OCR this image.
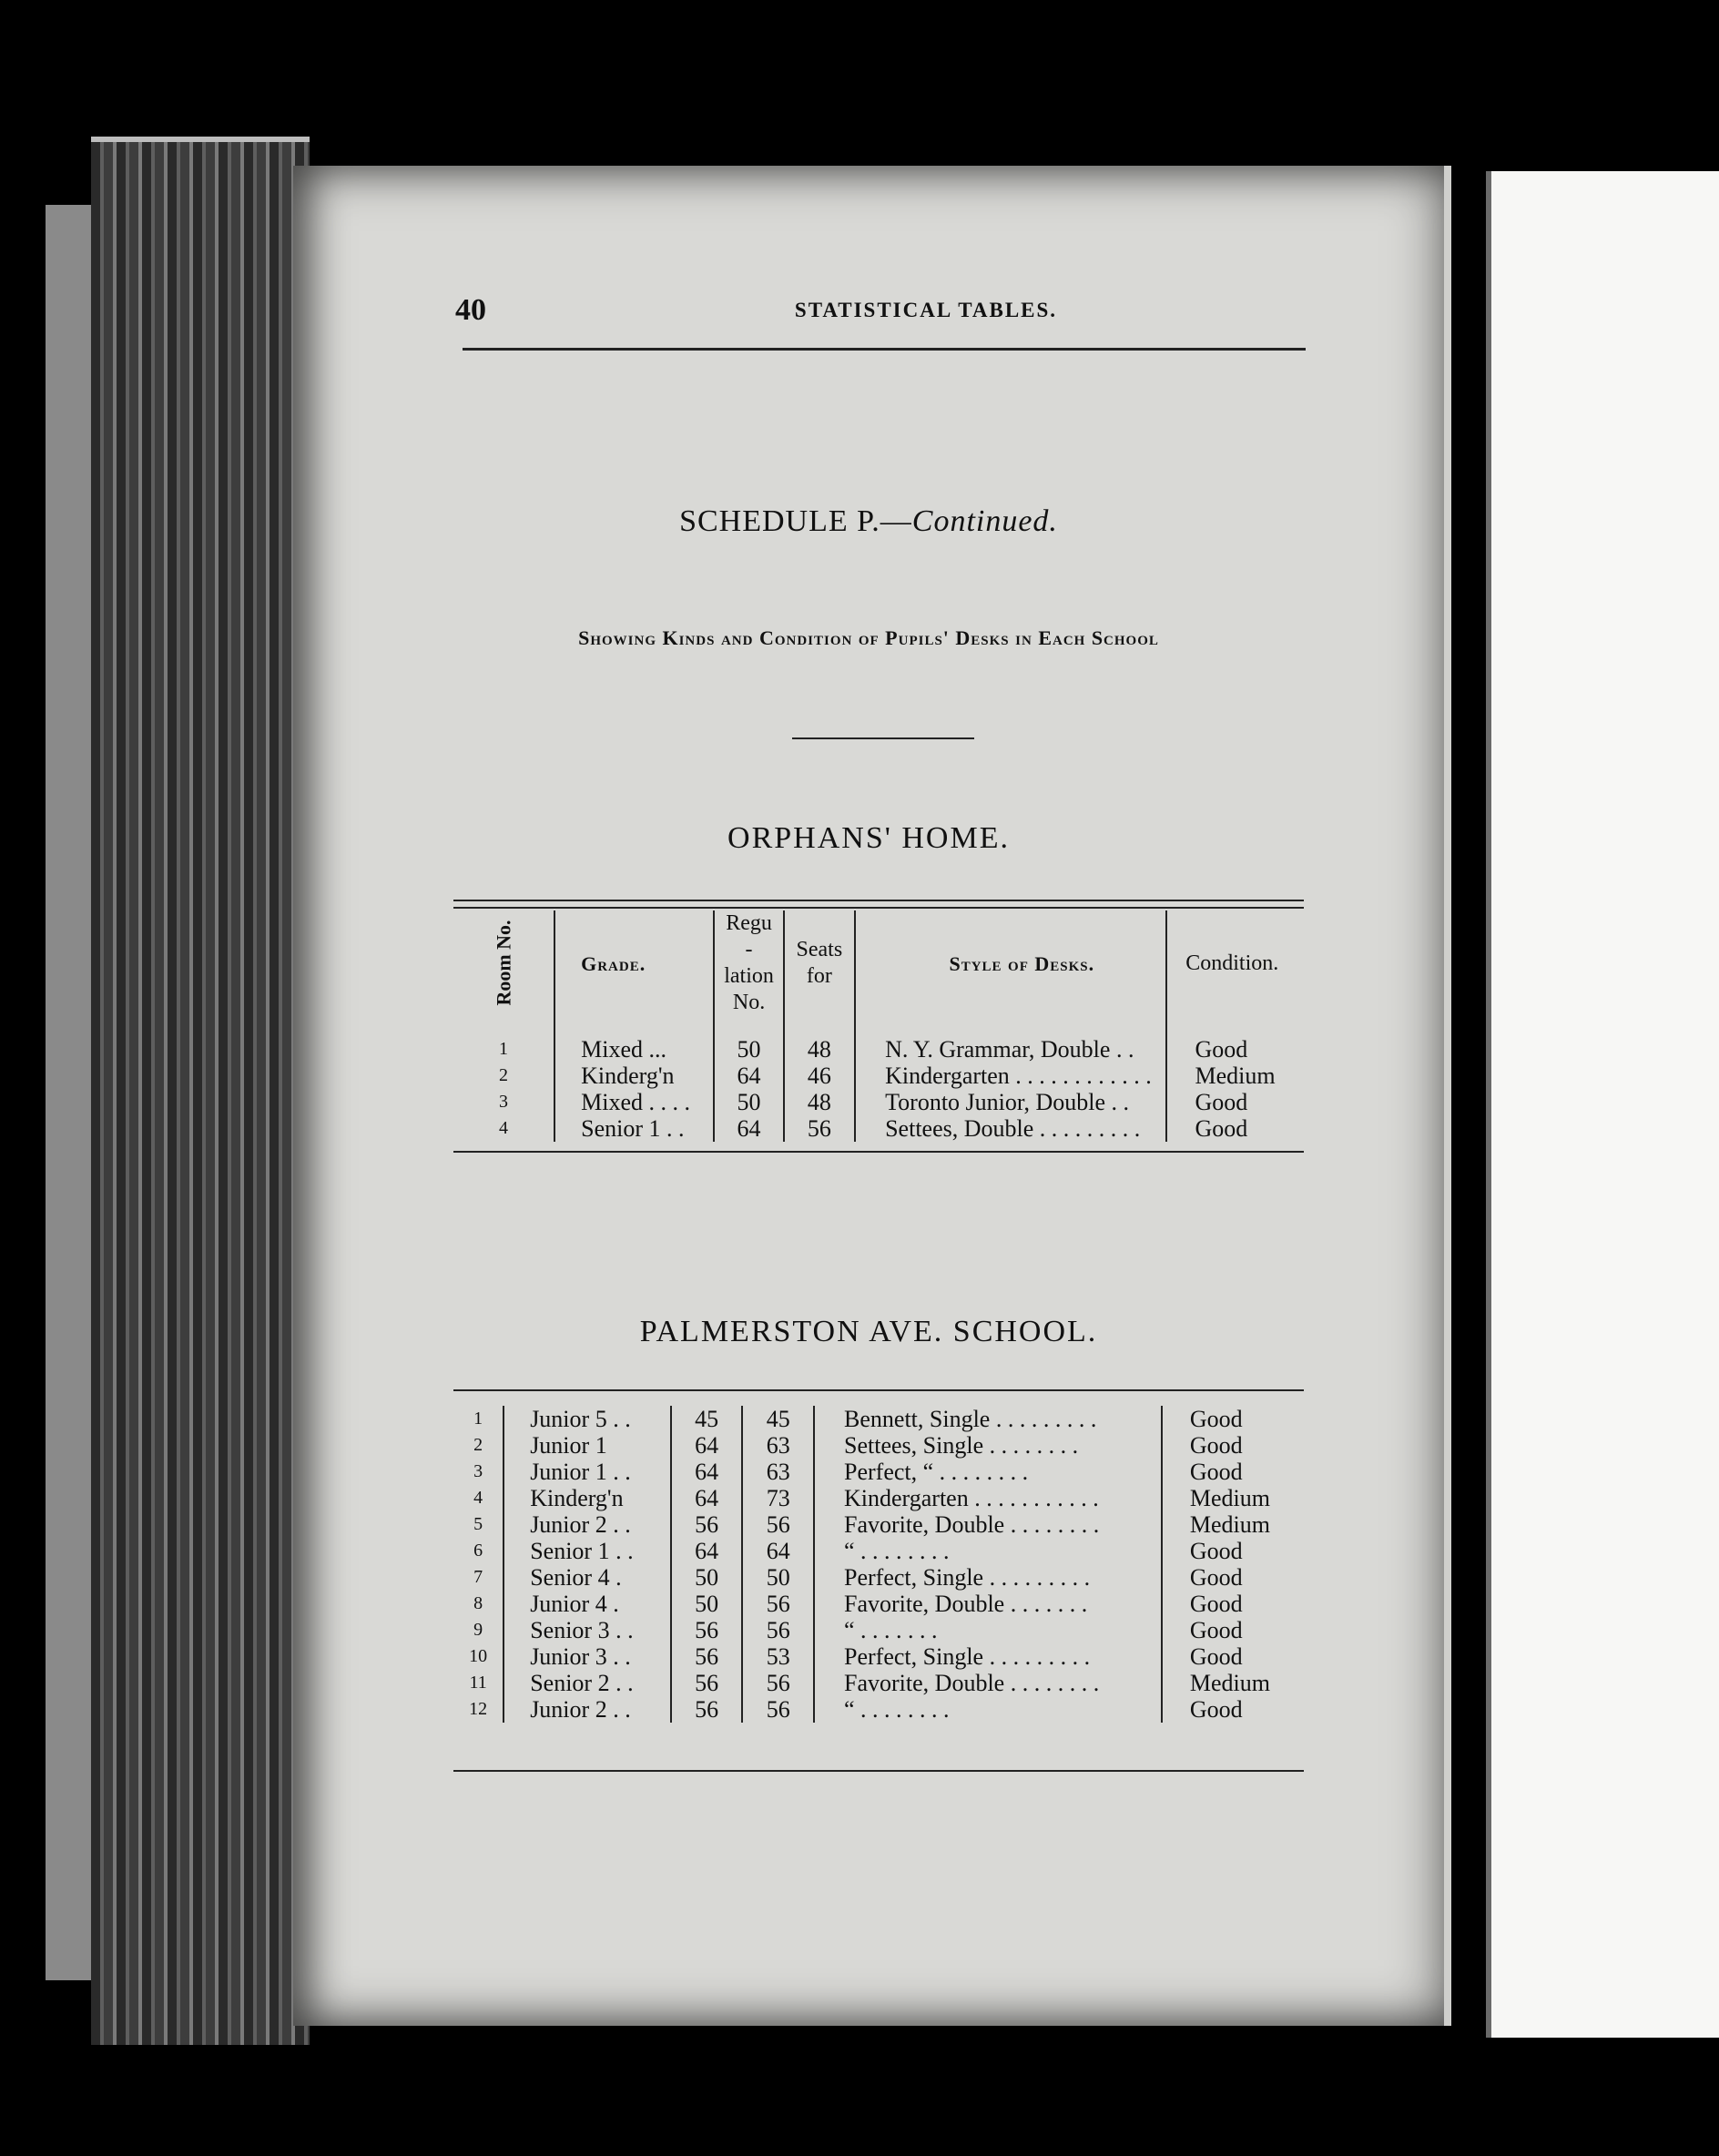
40	STATISTICAL TABLES.
SCHEDULE P.—Continued.
Showing Kinds and Condition of Pupils' Desks in Each School
ORPHANS' HOME.
Room No.	Grade.	Regu-lation No.	Seats for	Style of Desks.	Condition.

1	Mixed ...	50	48	N. Y. Grammar, Double . .	Good
2	Kinderg'n	64	46	Kindergarten . . . . . . . . . . . .	Medium
3	Mixed . . . .	50	48	Toronto Junior, Double . .	Good
4	Senior 1 . .	64	56	Settees, Double . . . . . . . . .	Good
PALMERSTON AVE. SCHOOL.
1	Junior 5 . .	45	45	Bennett, Single . . . . . . . . .	Good
2	Junior 1	64	63	Settees, Single . . . . . . . .	Good
3	Junior 1 . .	64	63	Perfect, “ . . . . . . . .	Good
4	Kinderg'n	64	73	Kindergarten . . . . . . . . . . .	Medium
5	Junior 2 . .	56	56	Favorite, Double . . . . . . . .	Medium
6	Senior 1 . .	64	64	“ . . . . . . . .	Good
7	Senior 4 .	50	50	Perfect, Single . . . . . . . . .	Good
8	Junior 4 .	50	56	Favorite, Double . . . . . . .	Good
9	Senior 3 . .	56	56	“ . . . . . . .	Good
10	Junior 3 . .	56	53	Perfect, Single . . . . . . . . .	Good
11	Senior 2 . .	56	56	Favorite, Double . . . . . . . .	Medium
12	Junior 2 . .	56	56	“ . . . . . . . .	Good
